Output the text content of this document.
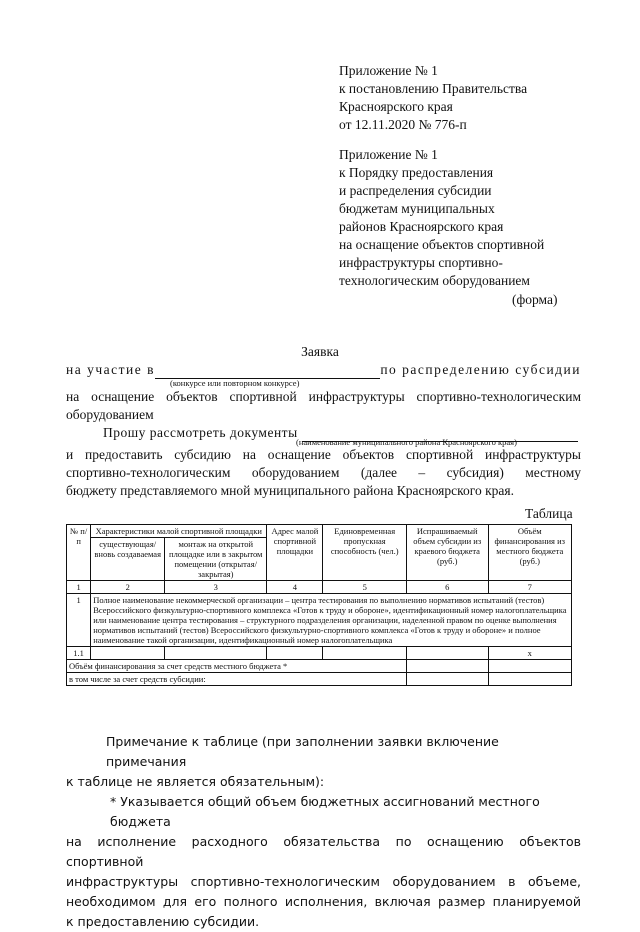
Приложение № 1
к постановлению Правительства
Красноярского края
от 12.11.2020 № 776-п
Приложение № 1
к Порядку предоставления
и распределения субсидии
бюджетам муниципальных
районов Красноярского края
на оснащение объектов спортивной
инфраструктуры спортивно-
технологическим оборудованием
(форма)
Заявка
на участие в	по распределению субсидии
(конкурсе или повторном конкурсе)
на оснащение объектов спортивной инфраструктуры спортивно-технологическим
оборудованием
Прошу рассмотреть документы
(наименование муниципального района Красноярского края)
и предоставить субсидию на оснащение объектов спортивной инфраструктуры
спортивно-технологическим оборудованием (далее – субсидия) местному
бюджету представляемого мной муниципального района Красноярского края.
Таблица
№ п/п	Характеристики малой спортивной площадки		Адрес малой спортивной площадки	Единовременная пропускная способность (чел.)	Испрашиваемый объем субсидии из краевого бюджета (руб.)	Объём финансирования из местного бюджета (руб.)
	существующая/ вновь создаваемая	монтаж на открытой площадке или в закрытом помещении (открытая/закрытая)				
1	2	3	4	5	6	7
1	Полное наименование некоммерческой организации – центра тестирования по выполнению нормативов испытаний (тестов) Всероссийского физкультурно-спортивного комплекса «Готов к труду и обороне», идентификационный номер налогоплательщика или наименование центра тестирования – структурного подразделения организации, наделенной правом по оценке выполнения нормативов испытаний (тестов) Всероссийского физкультурно-спортивного комплекса «Готов к труду и обороне» и полное наименование такой организации, идентификационный номер налогоплательщика					
1.1						x
Объём финансирования за счет средств местного бюджета *						
в том числе за счет средств субсидии:						
Примечание к таблице (при заполнении заявки включение примечания
к таблице не является обязательным):
* Указывается общий объем бюджетных ассигнований местного бюджета
на исполнение расходного обязательства по оснащению объектов спортивной
инфраструктуры спортивно-технологическим оборудованием в объеме,
необходимом для его полного исполнения, включая размер планируемой
к предоставлению субсидии.
